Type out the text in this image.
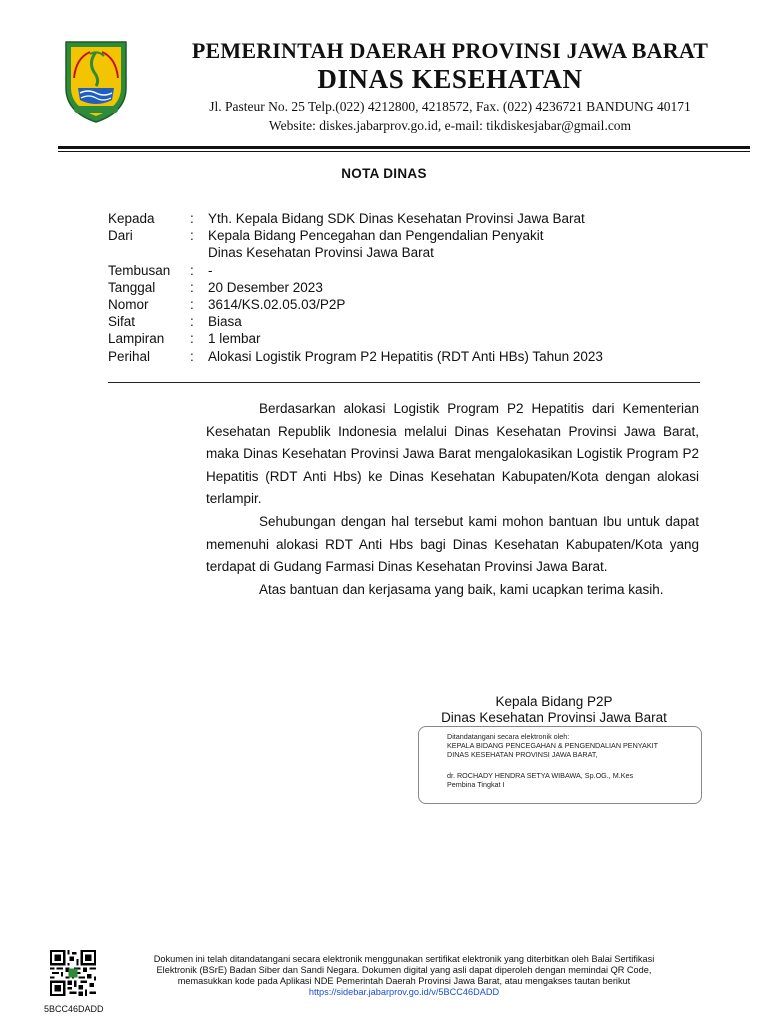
PEMERINTAH DAERAH PROVINSI JAWA BARAT
DINAS KESEHATAN
Jl. Pasteur No. 25 Telp.(022) 4212800, 4218572, Fax. (022) 4236721 BANDUNG 40171
Website: diskes.jabarprov.go.id, e-mail: tikdiskesjabar@gmail.com
NOTA DINAS
Kepada	:	Yth. Kepala Bidang SDK Dinas Kesehatan Provinsi Jawa Barat
Dari	:	Kepala Bidang Pencegahan dan Pengendalian Penyakit
Dinas Kesehatan Provinsi Jawa Barat
Tembusan	:	-
Tanggal	:	20 Desember 2023
Nomor	:	3614/KS.02.05.03/P2P
Sifat	:	Biasa
Lampiran	:	1 lembar
Perihal	:	Alokasi Logistik Program P2 Hepatitis (RDT Anti HBs) Tahun 2023

Berdasarkan alokasi Logistik Program P2 Hepatitis dari Kementerian Kesehatan Republik Indonesia melalui Dinas Kesehatan Provinsi Jawa Barat, maka Dinas Kesehatan Provinsi Jawa Barat mengalokasikan Logistik Program P2 Hepatitis (RDT Anti Hbs) ke Dinas Kesehatan Kabupaten/Kota dengan alokasi terlampir.

Sehubungan dengan hal tersebut kami mohon bantuan Ibu untuk dapat memenuhi alokasi RDT Anti Hbs bagi Dinas Kesehatan Kabupaten/Kota yang terdapat di Gudang Farmasi Dinas Kesehatan Provinsi Jawa Barat.

Atas bantuan dan kerjasama yang baik, kami ucapkan terima kasih.

Kepala Bidang P2P
Dinas Kesehatan Provinsi Jawa Barat
Ditandatangani secara elektronik oleh:
KEPALA BIDANG PENCEGAHAN & PENGENDALIAN PENYAKIT
DINAS KESEHATAN PROVINSI JAWA BARAT,
dr. ROCHADY HENDRA SETYA WIBAWA, Sp.OG., M.Kes
Pembina Tingkat I
5BCC46DADD
Dokumen ini telah ditandatangani secara elektronik menggunakan sertifikat elektronik yang diterbitkan oleh Balai Sertifikasi
Elektronik (BSrE) Badan Siber dan Sandi Negara. Dokumen digital yang asli dapat diperoleh dengan memindai QR Code,
memasukkan kode pada Aplikasi NDE Pemerintah Daerah Provinsi Jawa Barat, atau mengakses tautan berikut
https://sidebar.jabarprov.go.id/v/5BCC46DADD
